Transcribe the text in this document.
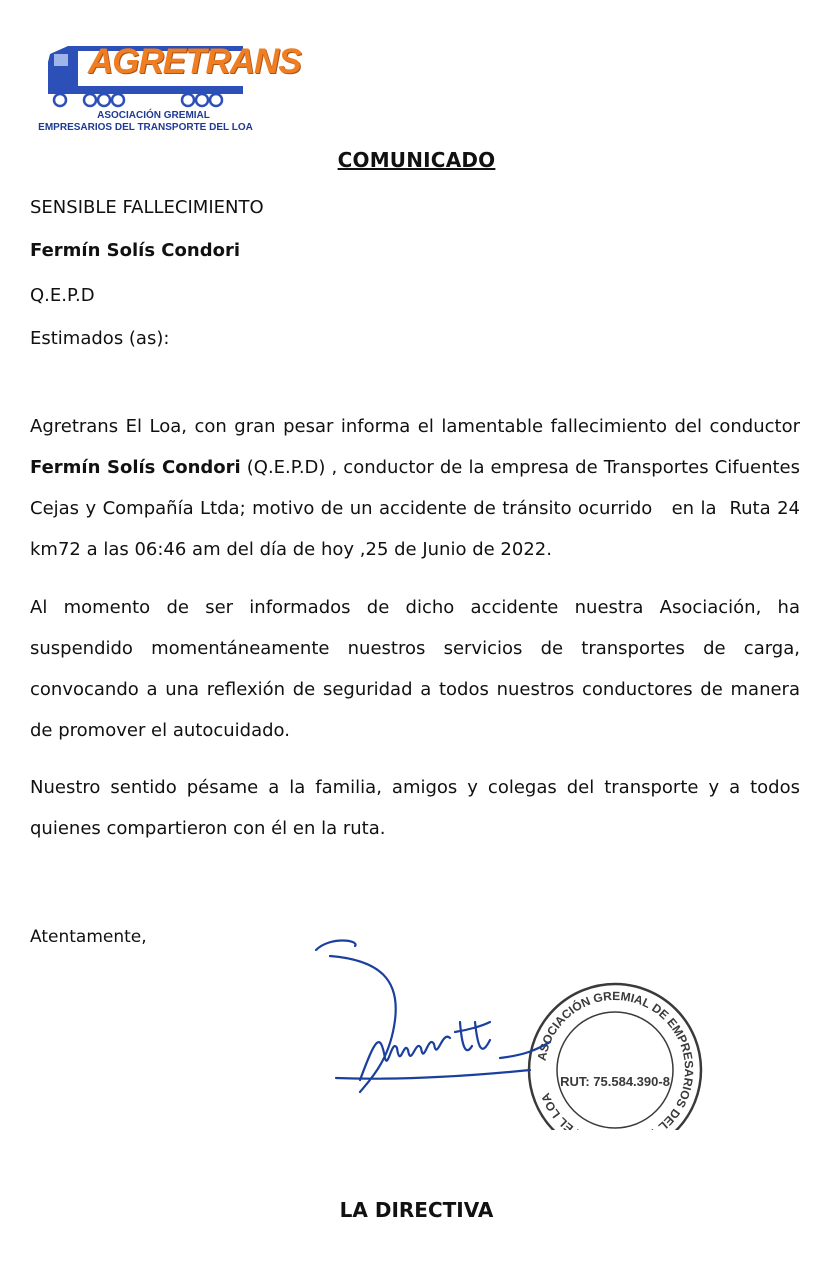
AGRETRANS
ASOCIACIÓN GREMIAL
EMPRESARIOS DEL TRANSPORTE DEL LOA
COMUNICADO
SENSIBLE FALLECIMIENTO
Fermín Solís Condori
Q.E.P.D
Estimados (as):
Agretrans El Loa, con gran pesar informa el lamentable fallecimiento del conductor
Fermín Solís Condori (Q.E.P.D) , conductor de la empresa de Transportes Cifuentes
Cejas y Compañía Ltda; motivo de un accidente de tránsito ocurrido   en la  Ruta 24
km72 a las 06:46 am del día de hoy ,25 de Junio de 2022.
Al momento de ser informados de dicho accidente nuestra Asociación, ha
suspendido momentáneamente nuestros servicios de transportes de carga,
convocando a una reflexión de seguridad a todos nuestros conductores de manera
de promover el autocuidado.
Nuestro sentido pésame a la familia, amigos y colegas del transporte y a todos
quienes compartieron con él en la ruta.
Atentamente,
ASOCIACIÓN GREMIAL DE EMPRESARIOS DEL EL LOA
RUT: 75.584.390-8
LA DIRECTIVA
